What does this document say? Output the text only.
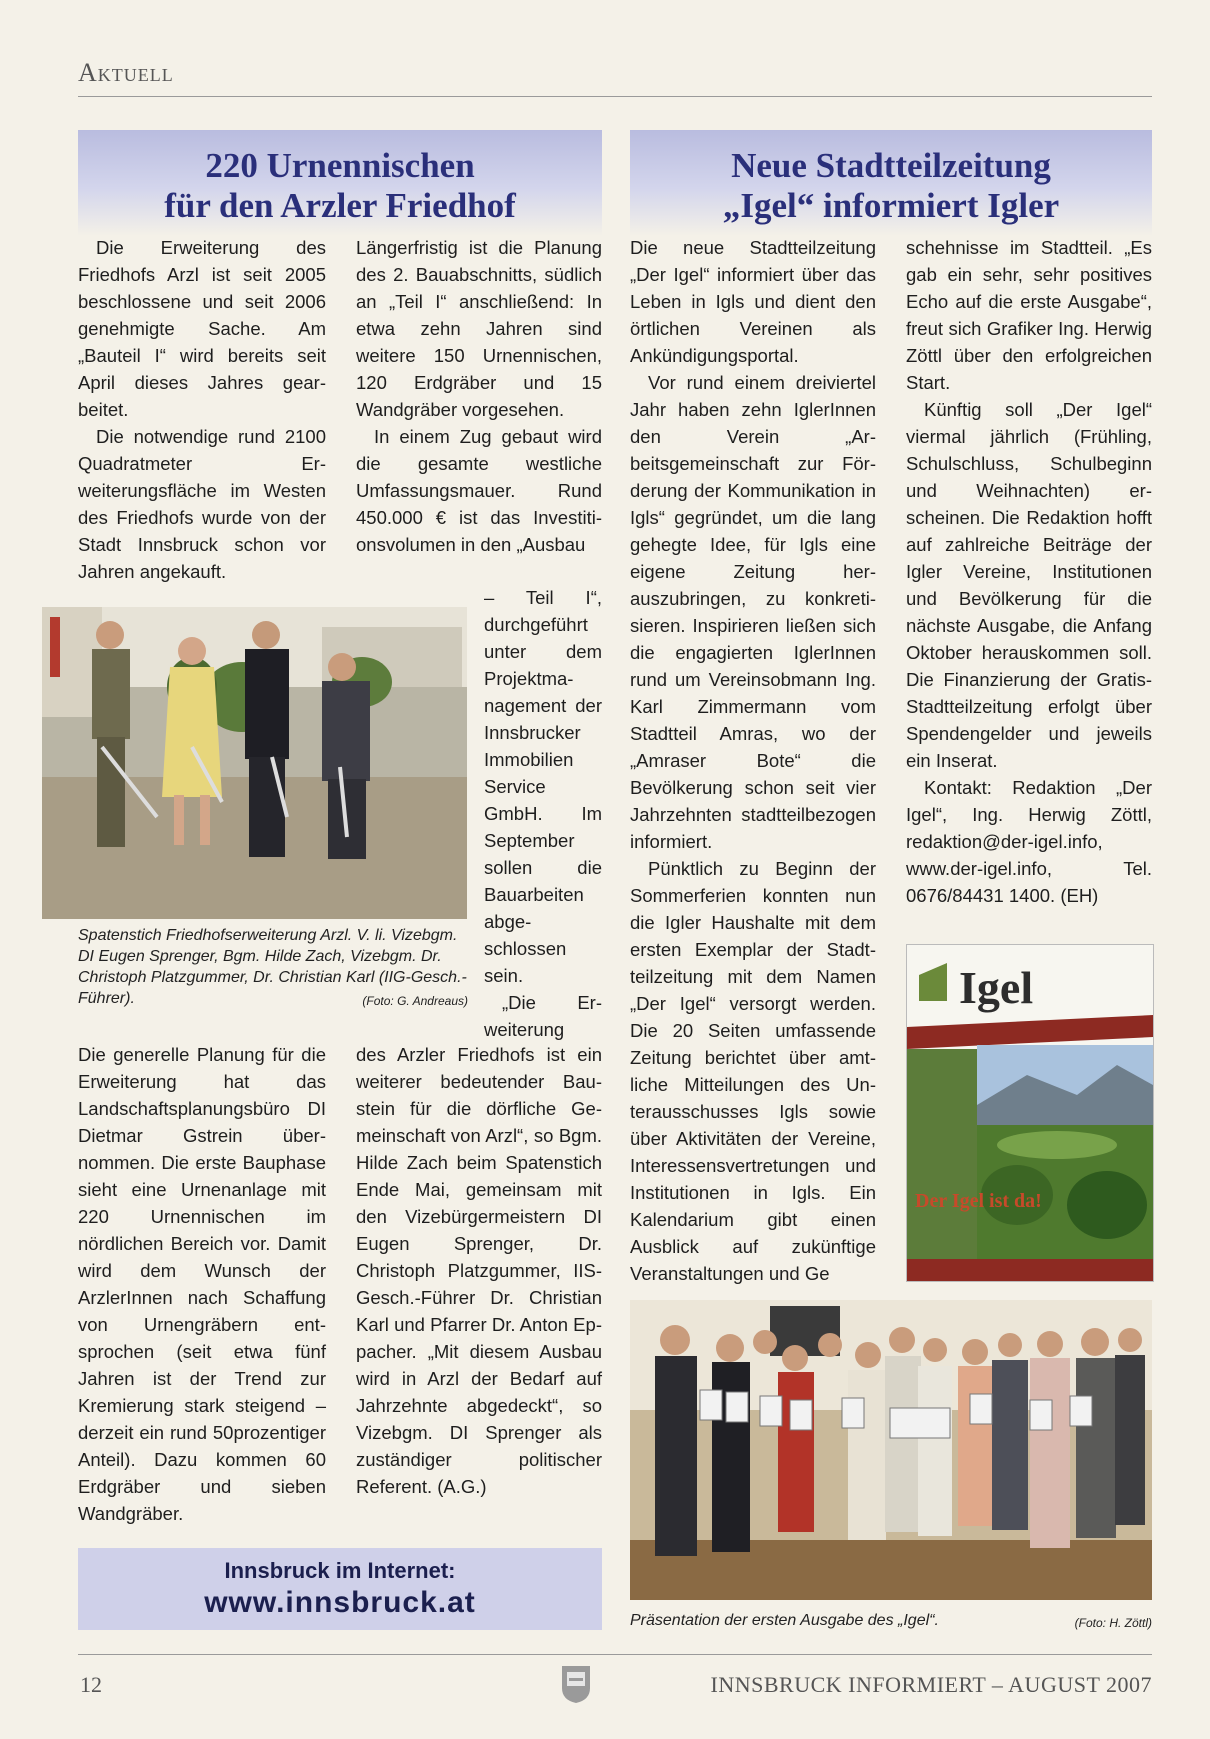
Aktuell
220 Urnennischen
für den Arzler Friedhof
Neue Stadtteilzeitung
„Igel“ informiert Igler

Die Erweiterung des Friedhofs Arzl ist seit 2005 beschlossene und seit 2006 genehmigte Sache. Am „Bauteil I“ wird bereits seit April dieses Jahres gearbeitet.

Die notwendige rund 2100 Quadratmeter Erweiterungsfläche im Westen des Friedhofs wurde von der Stadt Innsbruck schon vor Jahren angekauft.

Längerfristig ist die Planung des 2. Bauabschnitts, südlich an „Teil I“ anschließend: In etwa zehn Jahren sind weitere 150 Urnennischen, 120 Erdgräber und 15 Wandgräber vorgesehen.

In einem Zug gebaut wird die gesamte westliche Umfassungsmauer. Rund 450.000 € ist das Investitionsvolumen in den „Ausbau

– Teil I“, durchgeführt unter dem Projektmanagement der Innsbrucker Immobilien Service GmbH. Im September sollen die Bauarbeiten abgeschlossen sein.

„Die Erweiterung

Spatenstich Friedhofserweiterung Arzl. V. li. Vizebgm. DI Eugen Sprenger, Bgm. Hilde Zach, Vizebgm. Dr. Christoph Platzgummer, Dr. Christian Karl (IIG-Gesch.-Führer).	(Foto: G. Andreaus)

Die generelle Planung für die Erweiterung hat das Landschaftsplanungsbüro DI Dietmar Gstrein übernommen. Die erste Bauphase sieht eine Urnenanlage mit 220 Urnennischen im nördlichen Bereich vor. Damit wird dem Wunsch der ArzlerInnen nach Schaffung von Urnengräbern entsprochen (seit etwa fünf Jahren ist der Trend zur Kremierung stark steigend – derzeit ein rund 50prozentiger Anteil). Dazu kommen 60 Erdgräber und sieben Wandgräber.

des Arzler Friedhofs ist ein weiterer bedeutender Baustein für die dörfliche Gemeinschaft von Arzl“, so Bgm. Hilde Zach beim Spatenstich Ende Mai, gemeinsam mit den Vizebürgermeistern DI Eugen Sprenger, Dr. Christoph Platzgummer, IIS-Gesch.-Führer Dr. Christian Karl und Pfarrer Dr. Anton Eppacher. „Mit diesem Ausbau wird in Arzl der Bedarf auf Jahrzehnte abgedeckt“, so Vizebgm. DI Sprenger als zuständiger politischer Referent. (A.G.)

Innsbruck im Internet:
www.innsbruck.at

Die neue Stadtteilzeitung „Der Igel“ informiert über das Leben in Igls und dient den örtlichen Vereinen als Ankündigungsportal.

Vor rund einem dreiviertel Jahr haben zehn IglerInnen den Verein „Arbeitsgemeinschaft zur Förderung der Kommunikation in Igls“ gegründet, um die lang gehegte Idee, für Igls eine eigene Zeitung herauszubringen, zu konkretisieren. Inspirieren ließen sich die engagierten IglerInnen rund um Vereinsobmann Ing. Karl Zimmermann vom Stadtteil Amras, wo der „Amraser Bote“ die Bevölkerung schon seit vier Jahrzehnten stadtteilbezogen informiert.

Pünktlich zu Beginn der Sommerferien konnten nun die Igler Haushalte mit dem ersten Exemplar der Stadtteilzeitung mit dem Namen „Der Igel“ versorgt werden. Die 20 Seiten umfassende Zeitung berichtet über amtliche Mitteilungen des Unterausschusses Igls sowie über Aktivitäten der Vereine, Interessensvertretungen und Institutionen in Igls. Ein Kalendarium gibt einen Ausblick auf zukünftige Veranstaltungen und Ge

schehnisse im Stadtteil. „Es gab ein sehr, sehr positives Echo auf die erste Ausgabe“, freut sich Grafiker Ing. Herwig Zöttl über den erfolgreichen Start.

Künftig soll „Der Igel“ viermal jährlich (Frühling, Schulschluss, Schulbeginn und Weihnachten) erscheinen. Die Redaktion hofft auf zahlreiche Beiträge der Igler Vereine, Institutionen und Bevölkerung für die nächste Ausgabe, die Anfang Oktober herauskommen soll. Die Finanzierung der Gratis-Stadtteilzeitung erfolgt über Spendengelder und jeweils ein Inserat.

Kontakt: Redaktion „Der Igel“, Ing. Herwig Zöttl, redaktion@der-igel.info, www.der-igel.info, Tel. 0676/84431 1400. (EH)

Igel
Der Igel ist da!
Präsentation der ersten Ausgabe des „Igel“.	(Foto: H. Zöttl)
12	INNSBRUCK INFORMIERT – AUGUST 2007
